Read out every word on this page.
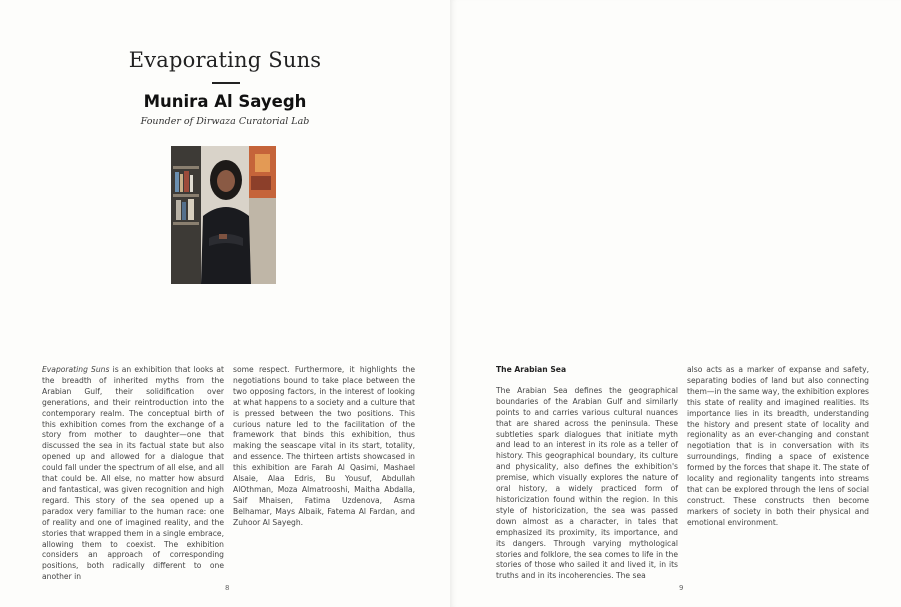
Evaporating Suns
Munira Al Sayegh
Founder of Dirwaza Curatorial Lab

Evaporating Suns is an exhibition that looks at the breadth of inherited myths from the Arabian Gulf, their solidification over generations, and their reintroduction into the contemporary realm. The conceptual birth of this exhibition comes from the exchange of a story from mother to daughter—one that discussed the sea in its factual state but also opened up and allowed for a dialogue that could fall under the spectrum of all else, and all that could be. All else, no matter how absurd and fantastical, was given recognition and high regard. This story of the sea opened up a paradox very familiar to the human race: one of reality and one of imagined reality, and the stories that wrapped them in a single embrace, allowing them to coexist. The exhibition considers an approach of corresponding positions, both radically different to one another in

some respect. Furthermore, it highlights the negotiations bound to take place between the two opposing factors, in the interest of looking at what happens to a society and a culture that is pressed between the two positions. This curious nature led to the facilitation of the framework that binds this exhibition, thus making the seascape vital in its start, totality, and essence. The thirteen artists showcased in this exhibition are Farah Al Qasimi, Mashael Alsaie, Alaa Edris, Bu Yousuf, Abdullah AlOthman, Moza Almatrooshi, Maitha Abdalla, Saif Mhaisen, Fatima Uzdenova, Asma Belhamar, Mays Albaik, Fatema Al Fardan, and Zuhoor Al Sayegh.

8

The Arabian Sea

The Arabian Sea defines the geographical boundaries of the Arabian Gulf and similarly points to and carries various cultural nuances that are shared across the peninsula. These subtleties spark dialogues that initiate myth and lead to an interest in its role as a teller of history. This geographical boundary, its culture and physicality, also defines the exhibition's premise, which visually explores the nature of oral history, a widely practiced form of historicization found within the region. In this style of historicization, the sea was passed down almost as a character, in tales that emphasized its proximity, its importance, and its dangers. Through varying mythological stories and folklore, the sea comes to life in the stories of those who sailed it and lived it, in its truths and in its incoherencies. The sea

also acts as a marker of expanse and safety, separating bodies of land but also connecting them—in the same way, the exhibition explores this state of reality and imagined realities. Its importance lies in its breadth, understanding the history and present state of locality and regionality as an ever-changing and constant negotiation that is in conversation with its surroundings, finding a space of existence formed by the forces that shape it. The state of locality and regionality tangents into streams that can be explored through the lens of social construct. These constructs then become markers of society in both their physical and emotional environment.

9
